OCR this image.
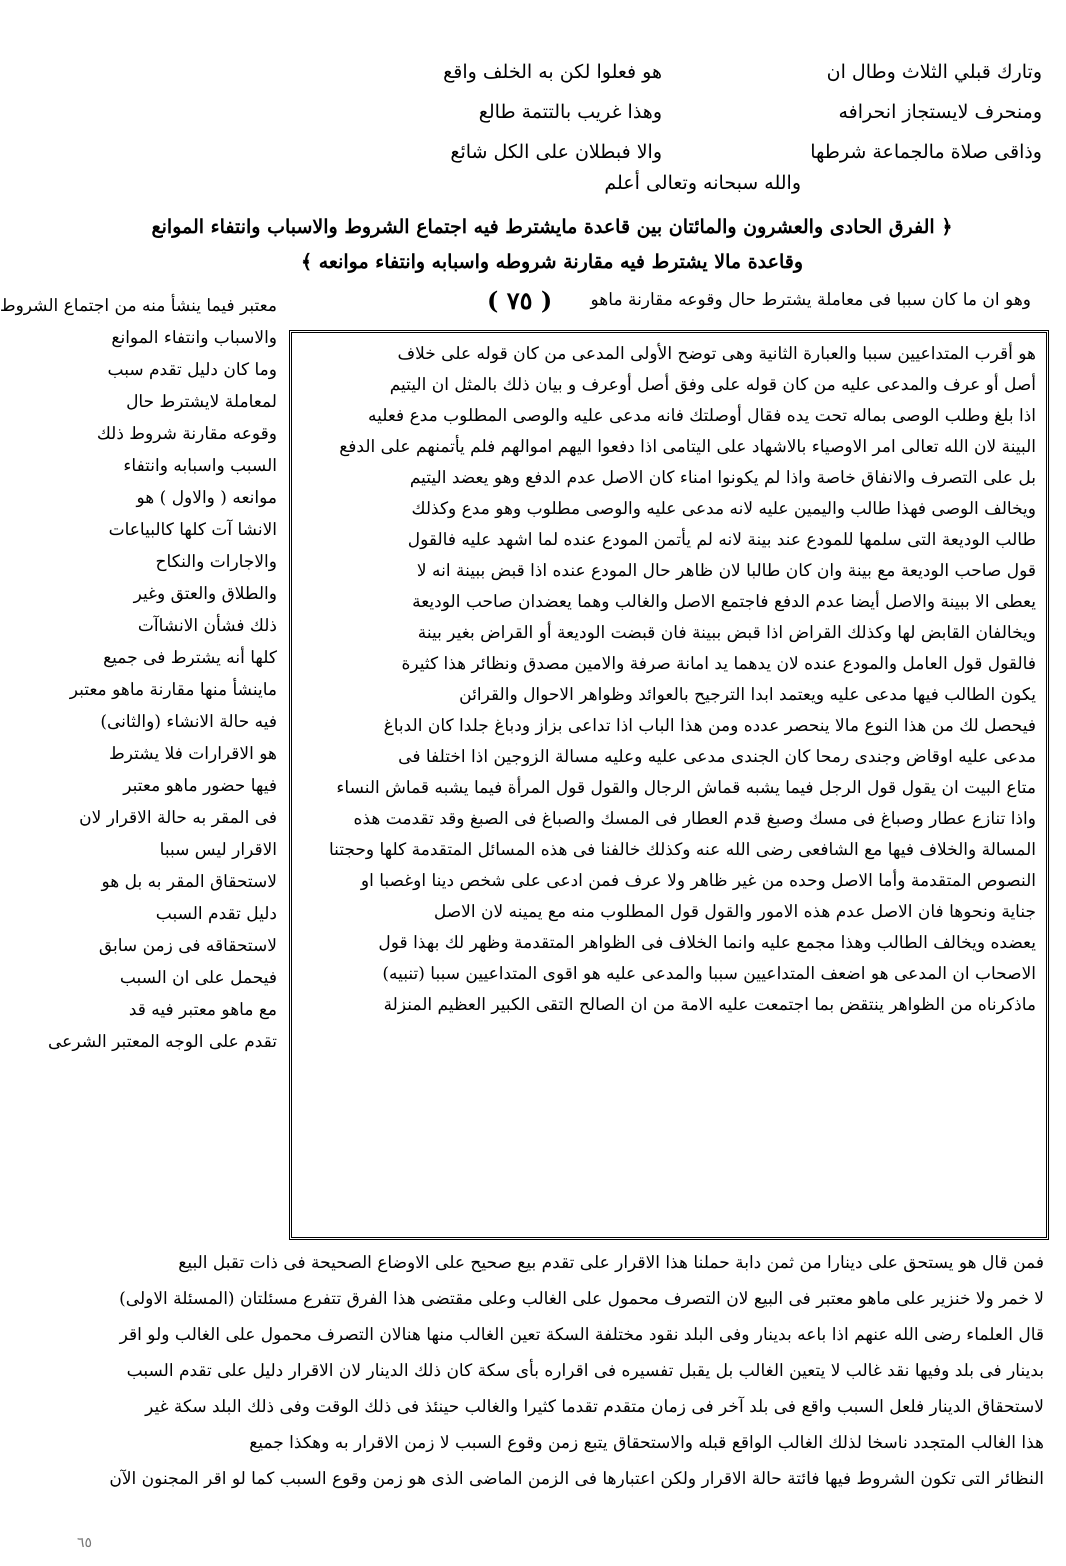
وتارك قبلي الثلاث وطال ان
هو فعلوا لكن به الخلف واقع
ومنحرف لايستجاز انحرافه
وهذا غريب بالتتمة طالع
وذاقى صلاة مالجماعة شرطها
والا فبطلان على الكل شائع
والله سبحانه وتعالى أعلم
﴿ الفرق الحادى والعشرون والمائتان بين قاعدة مايشترط فيه اجتماع الشروط والاسباب وانتفاء الموانع
وقاعدة مالا يشترط فيه مقارنة شروطه واسبابه وانتفاء موانعه ﴾
وهو ان ما كان سببا فى معاملة يشترط حال وقوعه مقارنة ماهو
( ٧٥ )
معتبر فيما ينشأ منه من اجتماع الشروط
والاسباب وانتفاء الموانع
وما كان دليل تقدم سبب
لمعاملة لايشترط حال
وقوعه مقارنة شروط ذلك
السبب واسبابه وانتفاء
موانعه ( والاول ) هو
الانشا آت كلها كالبياعات
والاجارات والنكاح
والطلاق والعتق وغير
ذلك فشأن الانشاآت
كلها أنه يشترط فى جميع
ماينشأ منها مقارنة ماهو معتبر
فيه حالة الانشاء (والثانى)
هو الاقرارات فلا يشترط
فيها حضور ماهو معتبر
فى المقر به حالة الاقرار لان
الاقرار ليس سببا
لاستحقاق المقر به بل هو
دليل تقدم السبب
لاستحقاقه فى زمن سابق
فيحمل على ان السبب
مع ماهو معتبر فيه قد
تقدم على الوجه المعتبر الشرعى
هو أقرب المتداعيين سببا والعبارة الثانية وهى توضح الأولى المدعى من كان قوله على خلاف
أصل أو عرف والمدعى عليه من كان قوله على وفق أصل أوعرف و بيان ذلك بالمثل ان اليتيم
اذا بلغ وطلب الوصى بماله تحت يده فقال أوصلتك فانه مدعى عليه والوصى المطلوب مدع فعليه
البينة لان الله تعالى امر الاوصياء بالاشهاد على اليتامى اذا دفعوا اليهم اموالهم فلم يأتمنهم على الدفع
بل على التصرف والانفاق خاصة واذا لم يكونوا امناء كان الاصل عدم الدفع وهو يعضد اليتيم
ويخالف الوصى فهذا طالب واليمين عليه لانه مدعى عليه والوصى مطلوب وهو مدع وكذلك
طالب الوديعة التى سلمها للمودع عند بينة لانه لم يأتمن المودع عنده لما اشهد عليه فالقول
قول صاحب الوديعة مع بينة وان كان طالبا لان ظاهر حال المودع عنده اذا قبض ببينة انه لا
يعطى الا ببينة والاصل أيضا عدم الدفع فاجتمع الاصل والغالب وهما يعضدان صاحب الوديعة
ويخالفان القابض لها وكذلك القراض اذا قبض ببينة فان قبضت الوديعة أو القراض بغير بينة
فالقول قول العامل والمودع عنده لان يدهما يد امانة صرفة والامين مصدق ونظائر هذا كثيرة
يكون الطالب فيها مدعى عليه ويعتمد ابدا الترجيح بالعوائد وظواهر الاحوال والقرائن
فيحصل لك من هذا النوع مالا ينحصر عدده ومن هذا الباب اذا تداعى بزاز ودباغ جلدا كان الدباغ
مدعى عليه اوقاض وجندى رمحا كان الجندى مدعى عليه وعليه مسالة الزوجين اذا اختلفا فى
متاع البيت ان يقول قول الرجل فيما يشبه قماش الرجال والقول قول المرأة فيما يشبه قماش النساء
واذا تنازع عطار وصباغ فى مسك وصبغ قدم العطار فى المسك والصباغ فى الصبغ وقد تقدمت هذه
المسالة والخلاف فيها مع الشافعى رضى الله عنه وكذلك خالفنا فى هذه المسائل المتقدمة كلها وحجتنا
النصوص المتقدمة وأما الاصل وحده من غير ظاهر ولا عرف فمن ادعى على شخص دينا اوغصبا او
جناية ونحوها فان الاصل عدم هذه الامور والقول قول المطلوب منه مع يمينه لان الاصل
يعضده ويخالف الطالب وهذا مجمع عليه وانما الخلاف فى الظواهر المتقدمة وظهر لك بهذا قول
الاصحاب ان المدعى هو اضعف المتداعيين سببا والمدعى عليه هو اقوى المتداعيين سببا (تنبيه)
ماذكرناه من الظواهر ينتقض بما اجتمعت عليه الامة من ان الصالح التقى الكبير العظيم المنزلة
فمن قال هو يستحق على دينارا من ثمن دابة حملنا هذا الاقرار على تقدم بيع صحيح على الاوضاع الصحيحة فى ذات تقبل البيع
لا خمر ولا خنزير على ماهو معتبر فى البيع لان التصرف محمول على الغالب وعلى مقتضى هذا الفرق تتفرع مسئلتان (المسئلة الاولى)
قال العلماء رضى الله عنهم اذا باعه بدينار وفى البلد نقود مختلفة السكة تعين الغالب منها هنالان التصرف محمول على الغالب ولو اقر
بدينار فى بلد وفيها نقد غالب لا يتعين الغالب بل يقبل تفسيره فى اقراره بأى سكة كان ذلك الدينار لان الاقرار دليل على تقدم السبب
لاستحقاق الدينار فلعل السبب واقع فى بلد آخر فى زمان متقدم تقدما كثيرا والغالب حينئذ فى ذلك الوقت وفى ذلك البلد سكة غير
هذا الغالب المتجدد ناسخا لذلك الغالب الواقع قبله والاستحقاق يتبع زمن وقوع السبب لا زمن الاقرار به وهكذا جميع
النظائر التى تكون الشروط فيها فائتة حالة الاقرار ولكن اعتبارها فى الزمن الماضى الذى هو زمن وقوع السبب كما لو اقر المجنون الآن
٦٥
